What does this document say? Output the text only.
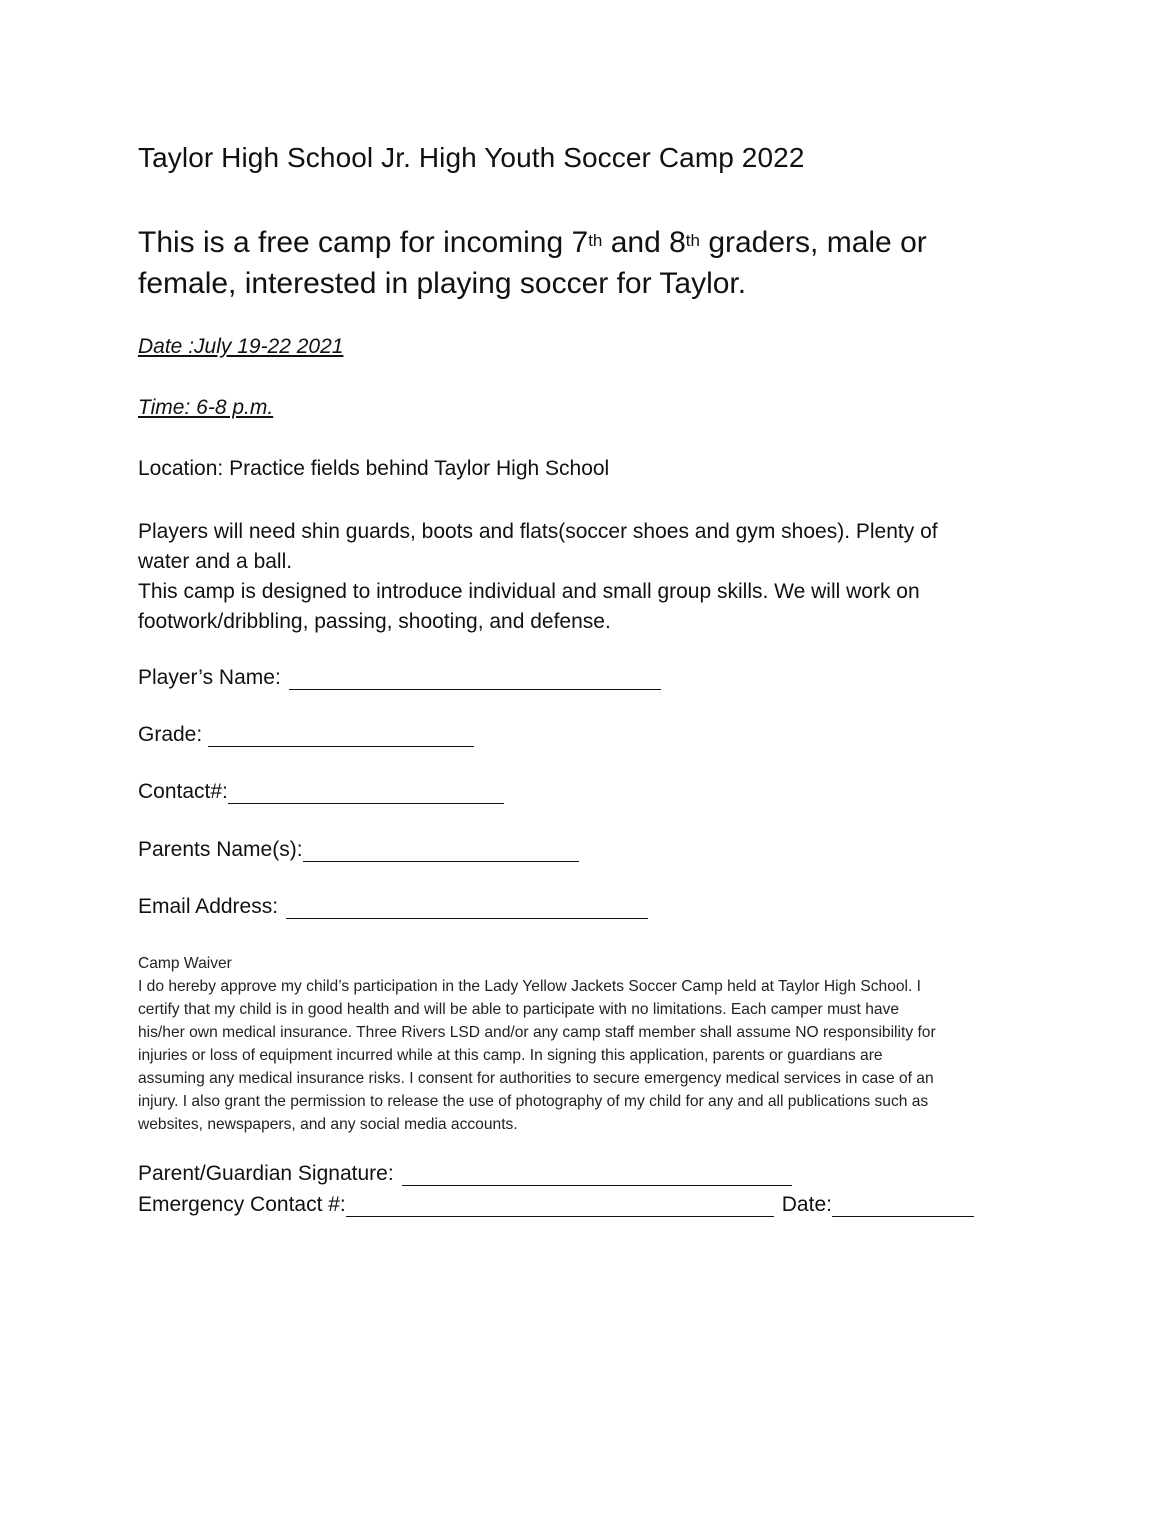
Taylor High School Jr. High Youth Soccer Camp 2022
This is a free camp for incoming 7th and 8th graders, male or
female, interested in playing soccer for Taylor.
Date :July 19-22 2021
Time: 6-8 p.m.
Location: Practice fields behind Taylor High School
Players will need shin guards, boots and flats(soccer shoes and gym shoes). Plenty of
water and a ball.
This camp is designed to introduce individual and small group skills. We will work on
footwork/dribbling, passing, shooting, and defense.
Player’s Name:
Grade:
Contact#:
Parents Name(s):
Email Address:
Camp Waiver
I do hereby approve my child’s participation in the Lady Yellow Jackets Soccer Camp held at Taylor High School. I
certify that my child is in good health and will be able to participate with no limitations. Each camper must have
his/her own medical insurance. Three Rivers LSD and/or any camp staff member shall assume NO responsibility for
injuries or loss of equipment incurred while at this camp. In signing this application, parents or guardians are
assuming any medical insurance risks. I consent for authorities to secure emergency medical services in case of an
injury. I also grant the permission to release the use of photography of my child for any and all publications such as
websites, newspapers, and any social media accounts.
Parent/Guardian Signature:
Emergency Contact #:	Date:
